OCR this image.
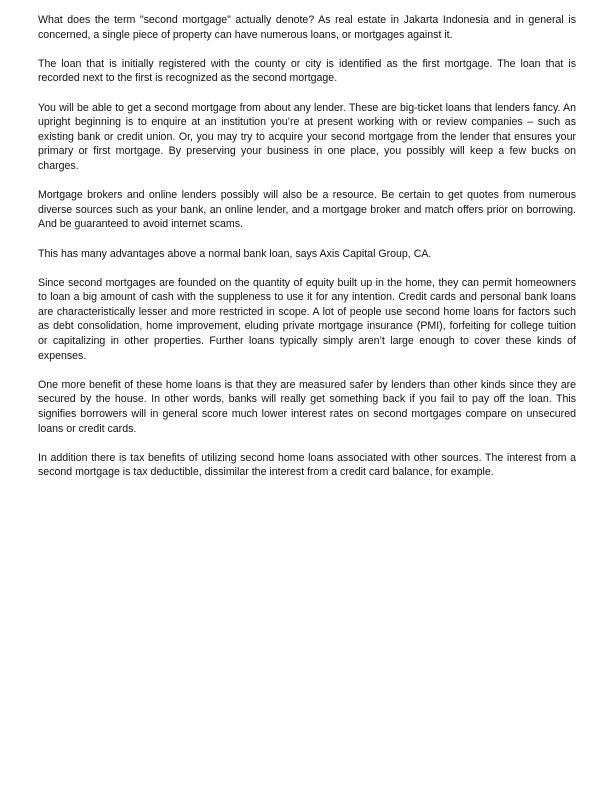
What does the term "second mortgage" actually denote? As real estate in Jakarta Indonesia and in general is concerned, a single piece of property can have numerous loans, or mortgages against it.

The loan that is initially registered with the county or city is identified as the first mortgage. The loan that is recorded next to the first is recognized as the second mortgage.

You will be able to get a second mortgage from about any lender. These are big-ticket loans that lenders fancy. An upright beginning is to enquire at an institution you’re at present working with or review companies – such as existing bank or credit union. Or, you may try to acquire your second mortgage from the lender that ensures your primary or first mortgage. By preserving your business in one place, you possibly will keep a few bucks on charges.

Mortgage brokers and online lenders possibly will also be a resource. Be certain to get quotes from numerous diverse sources such as your bank, an online lender, and a mortgage broker and match offers prior on borrowing. And be guaranteed to avoid internet scams.

This has many advantages above a normal bank loan, says Axis Capital Group, CA.

Since second mortgages are founded on the quantity of equity built up in the home, they can permit homeowners to loan a big amount of cash with the suppleness to use it for any intention. Credit cards and personal bank loans are characteristically lesser and more restricted in scope. A lot of people use second home loans for factors such as debt consolidation, home improvement, eluding private mortgage insurance (PMI), forfeiting for college tuition or capitalizing in other properties. Further loans typically simply aren’t large enough to cover these kinds of expenses.

One more benefit of these home loans is that they are measured safer by lenders than other kinds since they are secured by the house. In other words, banks will really get something back if you fail to pay off the loan. This signifies borrowers will in general score much lower interest rates on second mortgages compare on unsecured loans or credit cards.

In addition there is tax benefits of utilizing second home loans associated with other sources. The interest from a second mortgage is tax deductible, dissimilar the interest from a credit card balance, for example.
